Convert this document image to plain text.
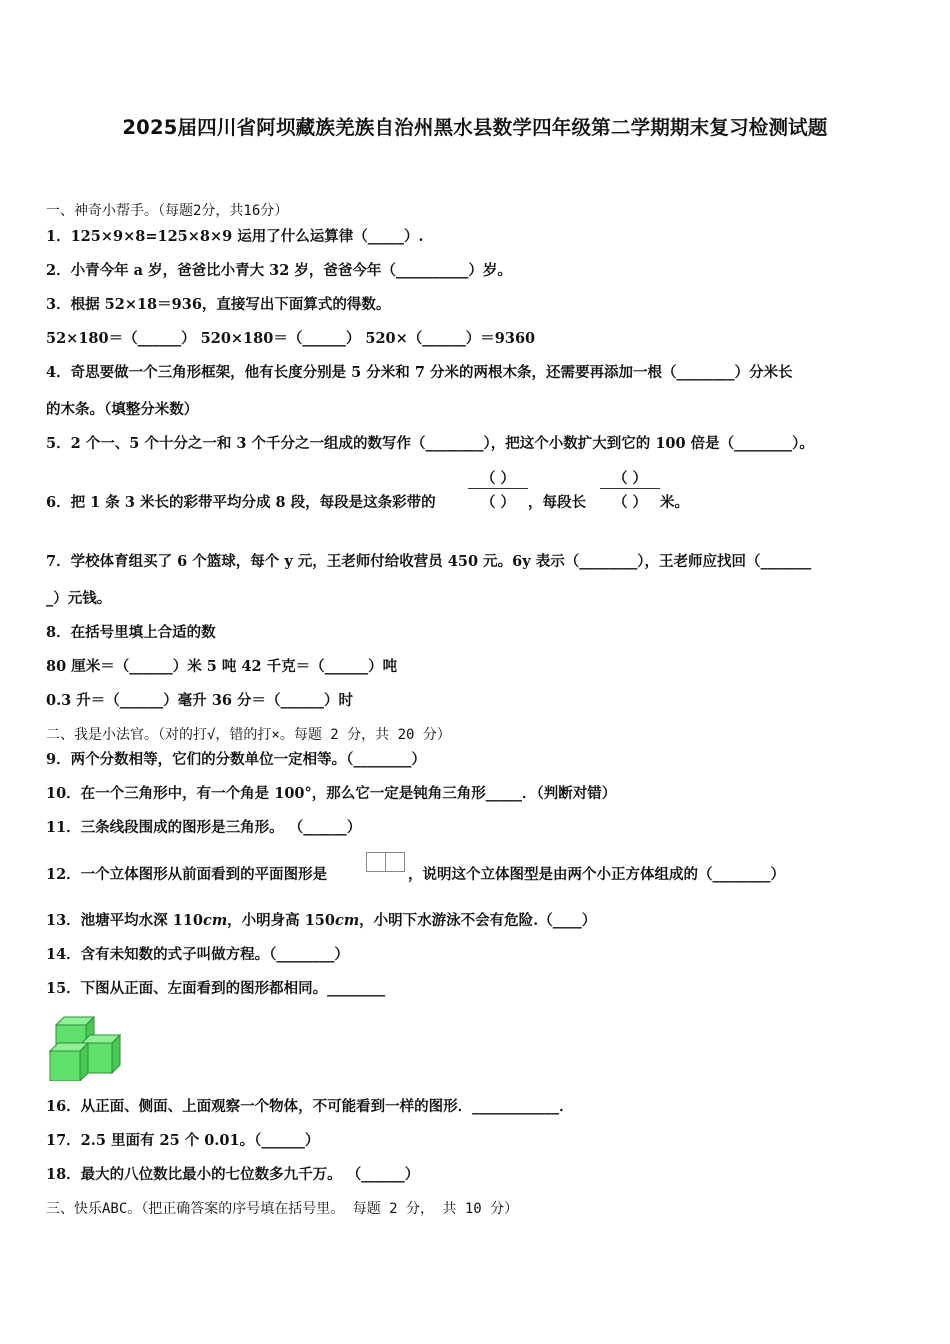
2025届四川省阿坝藏族羌族自治州黑水县数学四年级第二学期期末复习检测试题
一、神奇小帮手。（每题2分，共16分）
1．125×9×8=125×8×9 运用了什么运算律（_____）.
2．小青今年 a 岁，爸爸比小青大 32 岁，爸爸今年（__________）岁。
3．根据 52×18＝936，直接写出下面算式的得数。
52×180＝（______） 520×180＝（______） 520×（______）＝9360
4．奇思要做一个三角形框架，他有长度分别是 5 分米和 7 分米的两根木条，还需要再添加一根（________）分米长
的木条。（填整分米数）
5．2 个一、5 个十分之一和 3 个千分之一组成的数写作（________），把这个小数扩大到它的 100 倍是（________）。
6．把 1 条 3 米长的彩带平均分成 8 段，每段是这条彩带的
（ ）
（ ） ，每段长
（ ）
（ ） 米。
7．学校体育组买了 6 个篮球，每个 y 元，王老师付给收营员 450 元。6y 表示（________），王老师应找回（_______
_）元钱。
8．在括号里填上合适的数
80 厘米＝（______）米 5 吨 42 千克＝（______）吨
0.3 升＝（______）毫升 36 分＝（______）时
二、我是小法官。（对的打√，错的打×。每题 2 分，共 20 分）
9．两个分数相等，它们的分数单位一定相等。（________）
10．在一个三角形中，有一个角是 100°，那么它一定是钝角三角形_____．（判断对错）
11．三条线段围成的图形是三角形。 （______）
12．一个立体图形从前面看到的平面图形是	，说明这个立体图型是由两个小正方体组成的（________）
13．池塘平均水深 110cm，小明身高 150cm，小明下水游泳不会有危险.（____）
14．含有未知数的式子叫做方程。（________）
15．下图从正面、左面看到的图形都相同。________
16．从正面、侧面、上面观察一个物体，不可能看到一样的图形．____________．
17．2.5 里面有 25 个 0.01。（______）
18．最大的八位数比最小的七位数多九千万。 （______）
三、快乐ABC。（把正确答案的序号填在括号里。 每题 2 分， 共 10 分）
